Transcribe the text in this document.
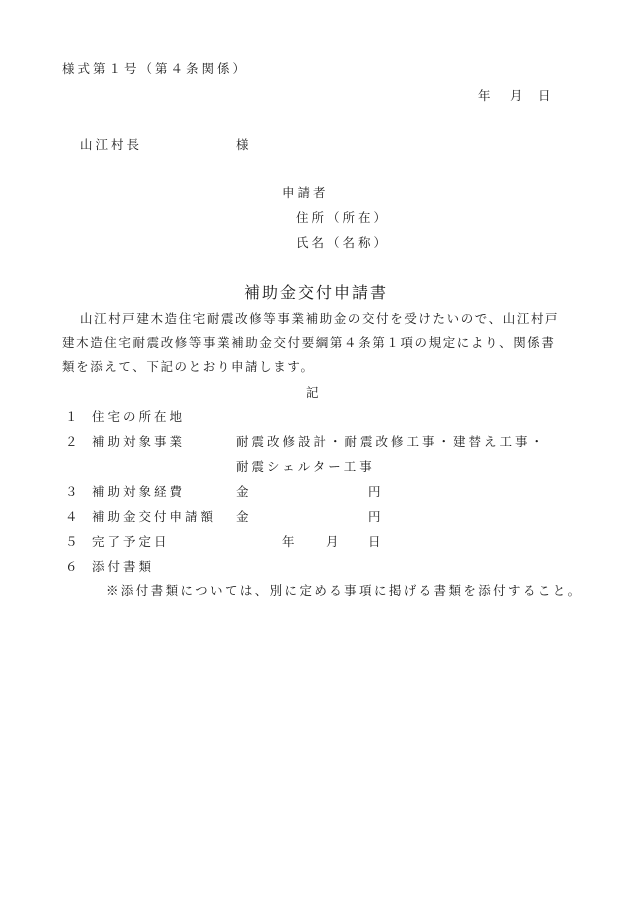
様式第１号（第４条関係）
年 月 日
山江村長	様
申請者
住所（所在）
氏名（名称）
補助金交付申請書
山江村戸建木造住宅耐震改修等事業補助金の交付を受けたいので、山江村戸
建木造住宅耐震改修等事業補助金交付要綱第４条第１項の規定により、関係書
類を添えて、下記のとおり申請します。
記
１ 住宅の所在地
２ 補助対象事業	耐震改修設計・耐震改修工事・建替え工事・
耐震シェルター工事
３ 補助対象経費	金	円
４ 補助金交付申請額 金	円
５ 完了予定日	年 月 日
６ 添付書類
※添付書類については、別に定める事項に掲げる書類を添付すること。
